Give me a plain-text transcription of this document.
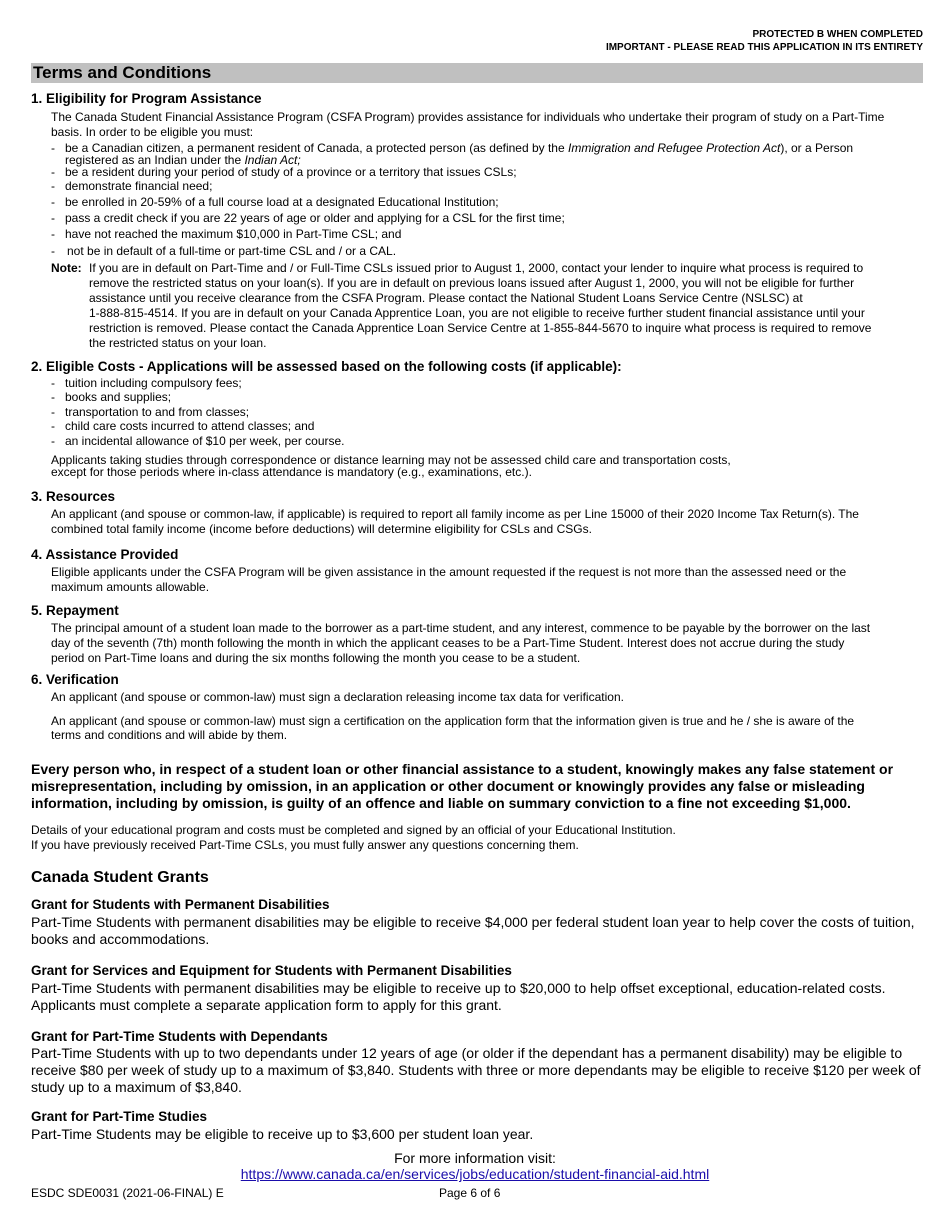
PROTECTED B WHEN COMPLETED
IMPORTANT - PLEASE READ THIS APPLICATION IN ITS ENTIRETY
Terms and Conditions
1. Eligibility for Program Assistance
The Canada Student Financial Assistance Program (CSFA Program) provides assistance for individuals who undertake their program of study on a Part-Time
basis. In order to be eligible you must:
- be a Canadian citizen, a permanent resident of Canada, a protected person (as defined by the Immigration and Refugee Protection Act), or a Person
registered as an Indian under the Indian Act;
- be a resident during your period of study of a province or a territory that issues CSLs;
- demonstrate financial need;
- be enrolled in 20-59% of a full course load at a designated Educational Institution;
- pass a credit check if you are 22 years of age or older and applying for a CSL for the first time;
- have not reached the maximum $10,000 in Part-Time CSL; and
- not be in default of a full-time or part-time CSL and / or a CAL.
Note: If you are in default on Part-Time and / or Full-Time CSLs issued prior to August 1, 2000, contact your lender to inquire what process is required to
remove the restricted status on your loan(s). If you are in default on previous loans issued after August 1, 2000, you will not be eligible for further
assistance until you receive clearance from the CSFA Program. Please contact the National Student Loans Service Centre (NSLSC) at
1-888-815-4514. If you are in default on your Canada Apprentice Loan, you are not eligible to receive further student financial assistance until your
restriction is removed. Please contact the Canada Apprentice Loan Service Centre at 1-855-844-5670 to inquire what process is required to remove
the restricted status on your loan.
2. Eligible Costs - Applications will be assessed based on the following costs (if applicable):
- tuition including compulsory fees;
- books and supplies;
- transportation to and from classes;
- child care costs incurred to attend classes; and
- an incidental allowance of $10 per week, per course.
Applicants taking studies through correspondence or distance learning may not be assessed child care and transportation costs,
except for those periods where in-class attendance is mandatory (e.g., examinations, etc.).
3. Resources
An applicant (and spouse or common-law, if applicable) is required to report all family income as per Line 15000 of their 2020 Income Tax Return(s). The
combined total family income (income before deductions) will determine eligibility for CSLs and CSGs.
4. Assistance Provided
Eligible applicants under the CSFA Program will be given assistance in the amount requested if the request is not more than the assessed need or the
maximum amounts allowable.
5. Repayment
The principal amount of a student loan made to the borrower as a part-time student, and any interest, commence to be payable by the borrower on the last
day of the seventh (7th) month following the month in which the applicant ceases to be a Part-Time Student. Interest does not accrue during the study
period on Part-Time loans and during the six months following the month you cease to be a student.
6. Verification
An applicant (and spouse or common-law) must sign a declaration releasing income tax data for verification.
An applicant (and spouse or common-law) must sign a certification on the application form that the information given is true and he / she is aware of the
terms and conditions and will abide by them.
Every person who, in respect of a student loan or other financial assistance to a student, knowingly makes any false statement or
misrepresentation, including by omission, in an application or other document or knowingly provides any false or misleading
information, including by omission, is guilty of an offence and liable on summary conviction to a fine not exceeding $1,000.
Details of your educational program and costs must be completed and signed by an official of your Educational Institution.
If you have previously received Part-Time CSLs, you must fully answer any questions concerning them.
Canada Student Grants
Grant for Students with Permanent Disabilities
Part-Time Students with permanent disabilities may be eligible to receive $4,000 per federal student loan year to help cover the costs of tuition,
books and accommodations.
Grant for Services and Equipment for Students with Permanent Disabilities
Part-Time Students with permanent disabilities may be eligible to receive up to $20,000 to help offset exceptional, education-related costs.
Applicants must complete a separate application form to apply for this grant.
Grant for Part-Time Students with Dependants
Part-Time Students with up to two dependants under 12 years of age (or older if the dependant has a permanent disability) may be eligible to
receive $80 per week of study up to a maximum of $3,840. Students with three or more dependants may be eligible to receive $120 per week of
study up to a maximum of $3,840.
Grant for Part-Time Studies
Part-Time Students may be eligible to receive up to $3,600 per student loan year.
For more information visit:
https://www.canada.ca/en/services/jobs/education/student-financial-aid.html
ESDC SDE0031 (2021-06-FINAL) E	Page 6 of 6
